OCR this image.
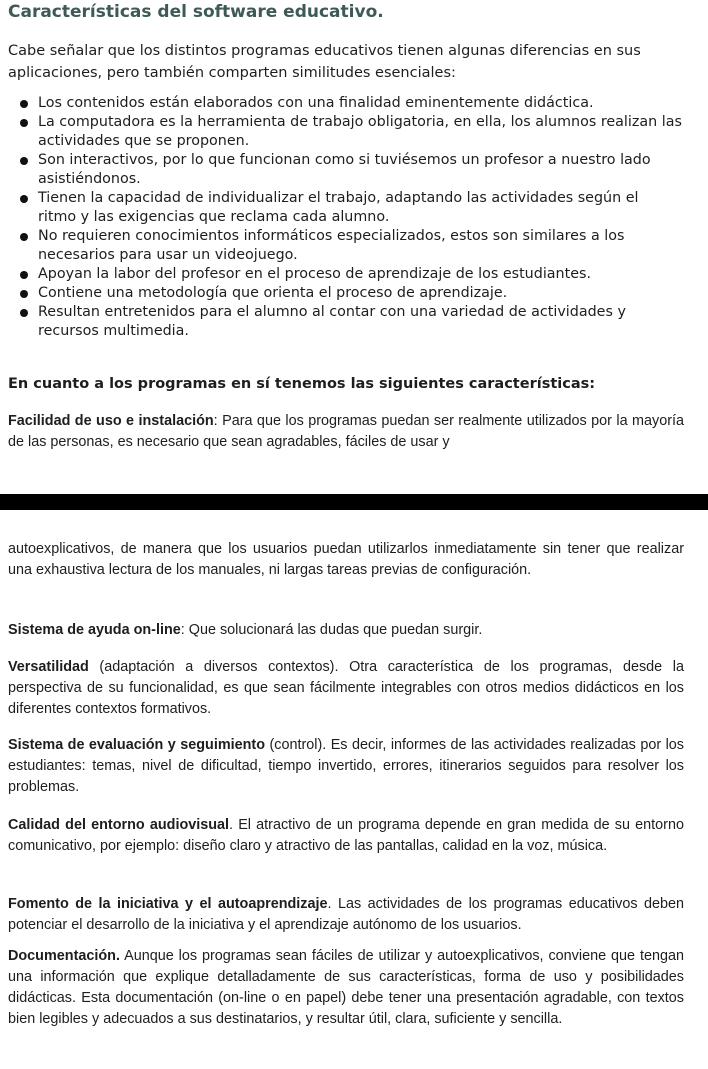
Características del software educativo.
Cabe señalar que los distintos programas educativos tienen algunas diferencias en sus
aplicaciones, pero también comparten similitudes esenciales:
Los contenidos están elaborados con una finalidad eminentemente didáctica.
La computadora es la herramienta de trabajo obligatoria, en ella, los alumnos realizan las
actividades que se proponen.
Son interactivos, por lo que funcionan como si tuviésemos un profesor a nuestro lado
asistiéndonos.
Tienen la capacidad de individualizar el trabajo, adaptando las actividades según el
ritmo y las exigencias que reclama cada alumno.
No requieren conocimientos informáticos especializados, estos son similares a los
necesarios para usar un videojuego.
Apoyan la labor del profesor en el proceso de aprendizaje de los estudiantes.
Contiene una metodología que orienta el proceso de aprendizaje.
Resultan entretenidos para el alumno al contar con una variedad de actividades y
recursos multimedia.
En cuanto a los programas en sí tenemos las siguientes características:
Facilidad de uso e instalación: Para que los programas puedan ser realmente utilizados por la mayoría de las personas, es necesario que sean agradables, fáciles de usar y
autoexplicativos, de manera que los usuarios puedan utilizarlos inmediatamente sin tener que realizar una exhaustiva lectura de los manuales, ni largas tareas previas de configuración.
Sistema de ayuda on-line: Que solucionará las dudas que puedan surgir.
Versatilidad (adaptación a diversos contextos). Otra característica de los programas, desde la perspectiva de su funcionalidad, es que sean fácilmente integrables con otros medios didácticos en los diferentes contextos formativos.
Sistema de evaluación y seguimiento (control). Es decir, informes de las actividades realizadas por los estudiantes: temas, nivel de dificultad, tiempo invertido, errores, itinerarios seguidos para resolver los problemas.
Calidad del entorno audiovisual. El atractivo de un programa depende en gran medida de su entorno comunicativo, por ejemplo: diseño claro y atractivo de las pantallas, calidad en la voz, música.
Fomento de la iniciativa y el autoaprendizaje. Las actividades de los programas educativos deben potenciar el desarrollo de la iniciativa y el aprendizaje autónomo de los usuarios.
Documentación. Aunque los programas sean fáciles de utilizar y autoexplicativos, conviene que tengan una información que explique detalladamente de sus características, forma de uso y posibilidades didácticas. Esta documentación (on-line o en papel) debe tener una presentación agradable, con textos bien legibles y adecuados a sus destinatarios, y resultar útil, clara, suficiente y sencilla.
